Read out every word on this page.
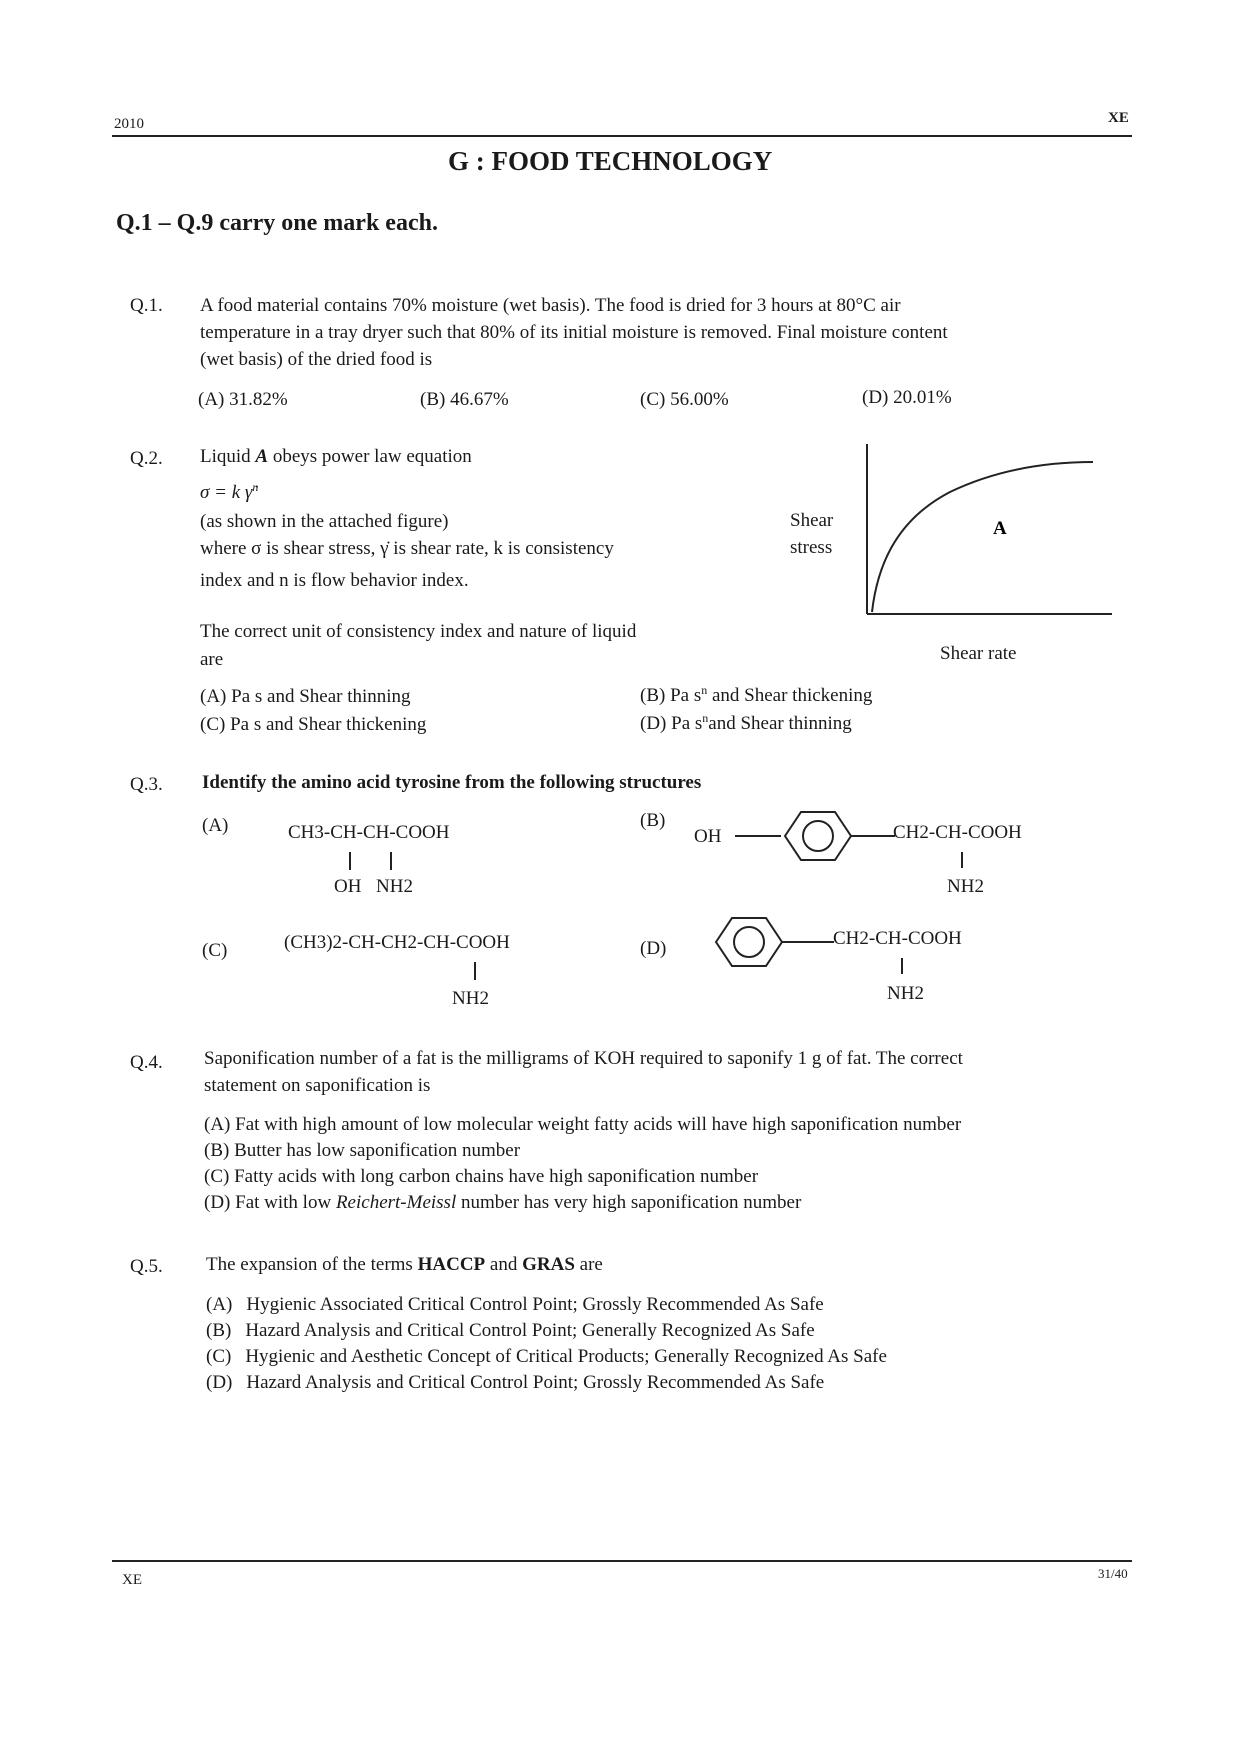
2010	XE
G : FOOD TECHNOLOGY
Q.1 – Q.9 carry one mark each.
Q.1. A food material contains 70% moisture (wet basis). The food is dried for 3 hours at 80°C air
temperature in a tray dryer such that 80% of its initial moisture is removed. Final moisture content
(wet basis) of the dried food is
(A) 31.82%	(B) 46.67%	(C) 56.00%	(D) 20.01%
Q.2. Liquid A obeys power law equation
σ = k γ̇$^n$
(as shown in the attached figure)
where σ is shear stress, γ̇ is shear rate, k is consistency
index and n is flow behavior index.
The correct unit of consistency index and nature of liquid
are
Shear
stress
A
Shear rate
(A) Pa s and Shear thinning	(B) Pa $s^n$ and Shear thickening
(C) Pa s and Shear thickening	(D) Pa $s^nand$ Shear thinning
Q.3. Identify the amino acid tyrosine from the following structures
(A)	CH3-CH-CH-COOH
OH NH2
(B)
OH	CH2-CH-COOH
NH2
(C)	(CH3)2-CH-CH2-CH-COOH
NH2
(D)	CH2-CH-COOH
NH2
Q.4. Saponification number of a fat is the milligrams of KOH required to saponify 1 g of fat. The correct
statement on saponification is
(A) Fat with high amount of low molecular weight fatty acids will have high saponification number
(B) Butter has low saponification number
(C) Fatty acids with long carbon chains have high saponification number
(D) Fat with low Reichert-Meissl number has very high saponification number
Q.5. The expansion of the terms HACCP and GRAS are
(A) Hygienic Associated Critical Control Point; Grossly Recommended As Safe
(B) Hazard Analysis and Critical Control Point; Generally Recognized As Safe
(C) Hygienic and Aesthetic Concept of Critical Products; Generally Recognized As Safe
(D) Hazard Analysis and Critical Control Point; Grossly Recommended As Safe
XE	31/40
